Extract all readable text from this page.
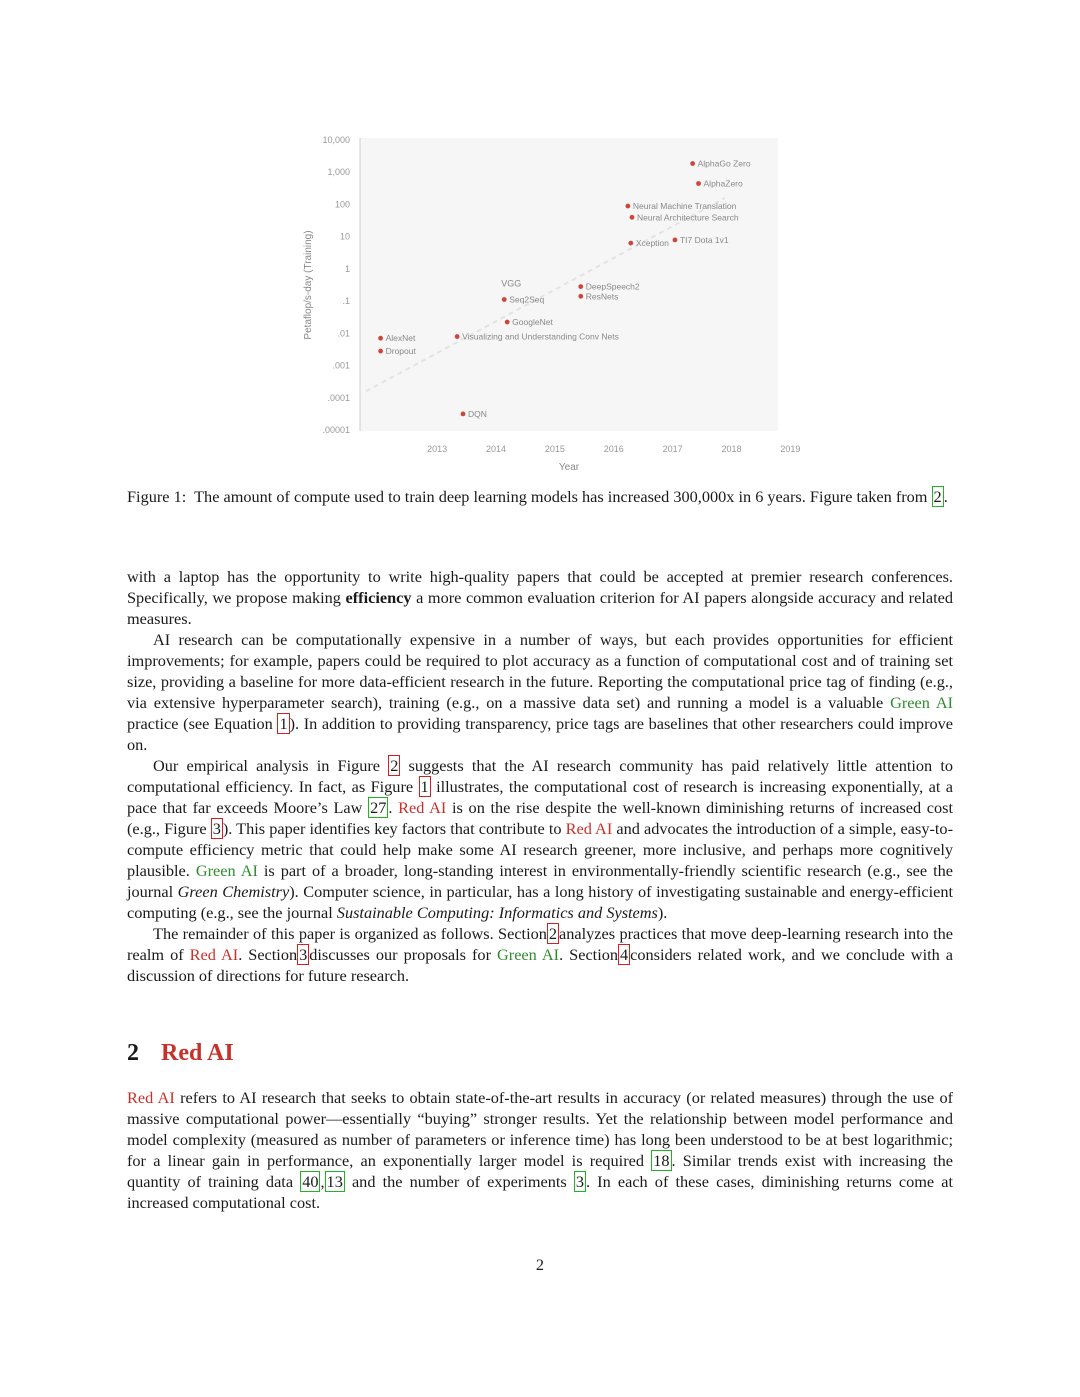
10,000
1,000
100
10
1
.1
.01
.001
.0001
.00001
2013	2014	2015	2016	2017	2018	2019
AlphaGo Zero
AlphaZero
Neural Machine Translation
Neural Architecture Search
Xception TI7 Dota 1v1
DeepSpeech2
ResNets
Seq2Seq
GoogleNet
AlexNet
Dropout
Visualizing and Understanding Conv Nets
DQN
VGG
Year
Petaflop/s-day (Training)
Figure 1: The amount of compute used to train deep learning models has increased 300,000x in 6 years. Figure taken from 2 .

with a laptop has the opportunity to write high-quality papers that could be accepted at premier research conferences. Specifically, we propose making efficiency a more common evaluation criterion for AI papers alongside accuracy and related measures.

AI research can be computationally expensive in a number of ways, but each provides opportunities for efficient improvements; for example, papers could be required to plot accuracy as a function of computational cost and of training set size, providing a baseline for more data-efficient research in the future. Reporting the computational price tag of finding (e.g., via extensive hyperparameter search), training (e.g., on a massive data set) and running a model is a valuable Green AI practice (see Equation 1 ). In addition to providing transparency, price tags are baselines that other researchers could improve on.

Our empirical analysis in Figure 2 suggests that the AI research community has paid relatively little attention to computational efficiency. In fact, as Figure 1 illustrates, the computational cost of research is increasing exponentially, at a pace that far exceeds Moore’s Law 27 . Red AI is on the rise despite the well-known diminishing returns of increased cost (e.g., Figure 3 ). This paper identifies key factors that contribute to Red AI and advocates the introduction of a simple, easy-to-compute efficiency metric that could help make some AI research greener, more inclusive, and perhaps more cognitively plausible. Green AI is part of a broader, long-standing interest in environmentally-friendly scientific research (e.g., see the journal Green Chemistry). Computer science, in particular, has a long history of investigating sustainable and energy-efficient computing (e.g., see the journal Sustainable Computing: Informatics and Systems).

The remainder of this paper is organized as follows. Section 2 analyzes practices that move deep-learning research into the realm of Red AI. Section 3 discusses our proposals for Green AI. Section 4 considers related work, and we conclude with a discussion of directions for future research.

2 Red AI

Red AI refers to AI research that seeks to obtain state-of-the-art results in accuracy (or related measures) through the use of massive computational power—essentially “buying” stronger results. Yet the relationship between model performance and model complexity (measured as number of parameters or inference time) has long been understood to be at best logarithmic; for a linear gain in performance, an exponentially larger model is required 18 . Similar trends exist with increasing the quantity of training data 40 , 13 and the number of experiments 3 . In each of these cases, diminishing returns come at increased computational cost.

2
